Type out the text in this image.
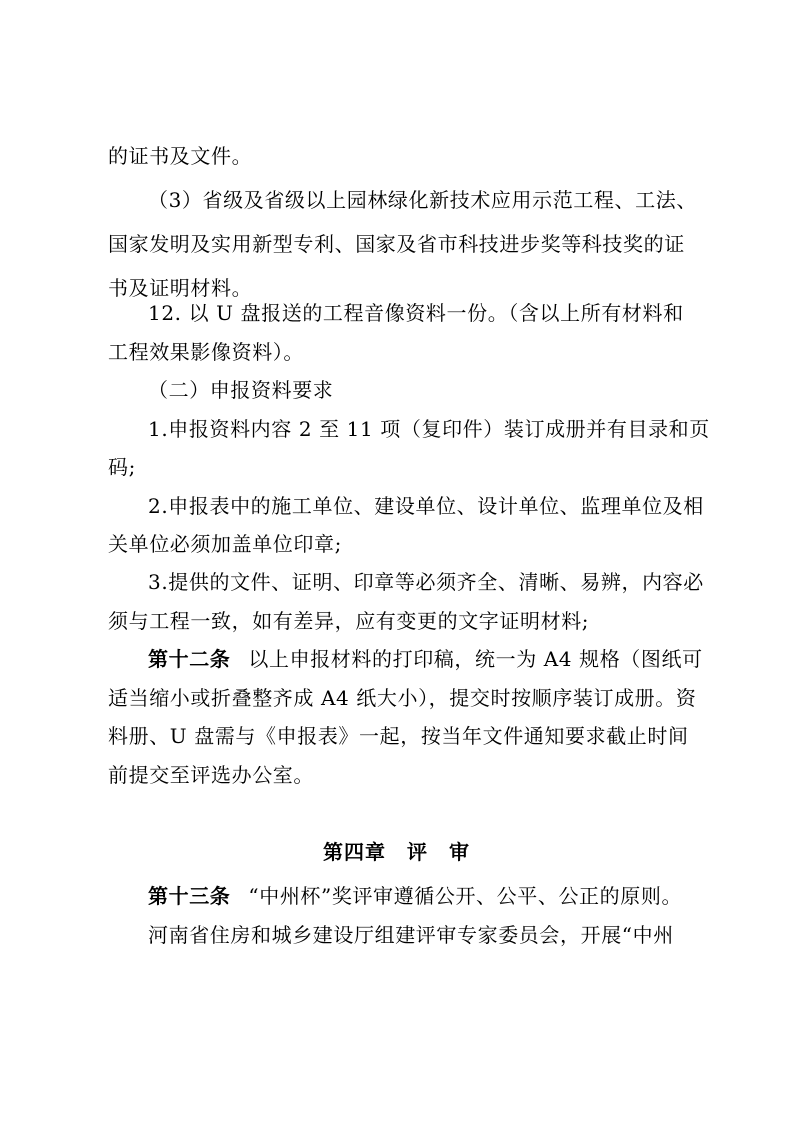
的证书及文件。
（3）省级及省级以上园林绿化新技术应用示范工程、工法、
国家发明及实用新型专利、国家及省市科技进步奖等科技奖的证
书及证明材料。
12. 以 U 盘报送的工程音像资料一份。（含以上所有材料和
工程效果影像资料）。
（二）申报资料要求
1.申报资料内容 2 至 11 项（复印件）装订成册并有目录和页
码;
2.申报表中的施工单位、建设单位、设计单位、监理单位及相
关单位必须加盖单位印章;
3.提供的文件、证明、印章等必须齐全、清晰、易辨，内容必
须与工程一致，如有差异，应有变更的文字证明材料;
第十二条 以上申报材料的打印稿，统一为 A4 规格（图纸可
适当缩小或折叠整齐成 A4 纸大小），提交时按顺序装订成册。资
料册、U 盘需与《申报表》一起，按当年文件通知要求截止时间
前提交至评选办公室。
第四章　评　审
第十三条 “中州杯”奖评审遵循公开、公平、公正的原则。
河南省住房和城乡建设厅组建评审专家委员会，开展“中州
